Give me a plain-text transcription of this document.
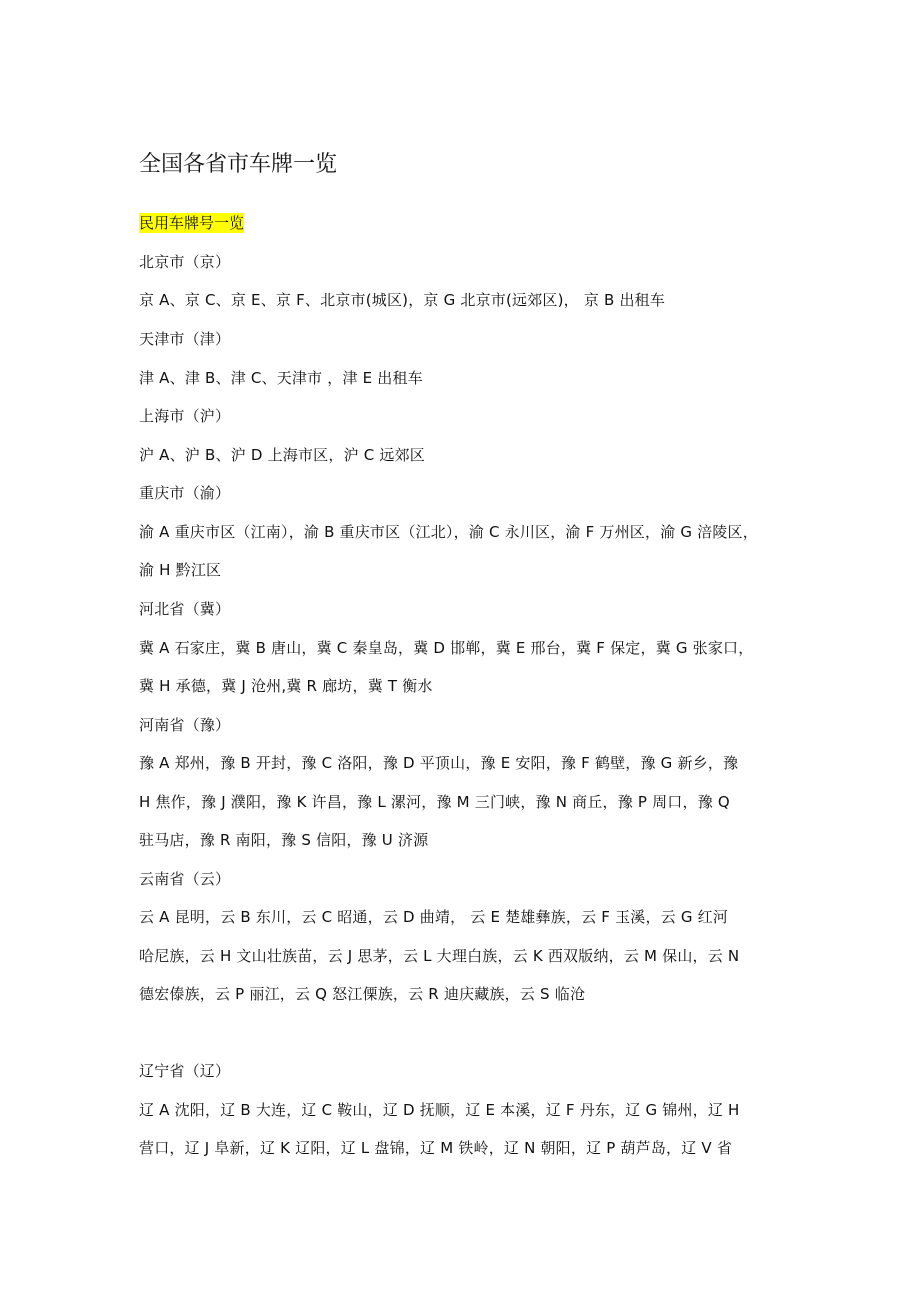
全国各省市车牌一览
民用车牌号一览
北京市（京）
京 A、京 C、京 E、京 F、北京市(城区)，京 G 北京市(远郊区)， 京 B 出租车
天津市（津）
津 A、津 B、津 C、天津市 ，津 E 出租车
上海市（沪）
沪 A、沪 B、沪 D 上海市区，沪 C 远郊区
重庆市（渝）
渝 A 重庆市区（江南），渝 B 重庆市区（江北），渝 C 永川区，渝 F 万州区，渝 G 涪陵区，
渝 H 黔江区
河北省（冀）
冀 A 石家庄，冀 B 唐山，冀 C 秦皇岛，冀 D 邯郸，冀 E 邢台，冀 F 保定，冀 G 张家口，
冀 H 承德，冀 J 沧州,冀 R 廊坊，冀 T 衡水
河南省（豫）
豫 A 郑州，豫 B 开封，豫 C 洛阳，豫 D 平顶山，豫 E 安阳，豫 F 鹤壁，豫 G 新乡，豫
H 焦作，豫 J 濮阳，豫 K 许昌，豫 L 漯河，豫 M 三门峡，豫 N 商丘，豫 P 周口，豫 Q
驻马店，豫 R 南阳，豫 S 信阳，豫 U 济源
云南省（云）
云 A 昆明，云 B 东川，云 C 昭通，云 D 曲靖， 云 E 楚雄彝族，云 F 玉溪，云 G 红河
哈尼族，云 H 文山壮族苗，云 J 思茅，云 L 大理白族，云 K 西双版纳，云 M 保山，云 N
德宏傣族，云 P 丽江，云 Q 怒江傈族，云 R 迪庆藏族，云 S 临沧
辽宁省（辽）
辽 A 沈阳，辽 B 大连，辽 C 鞍山，辽 D 抚顺，辽 E 本溪，辽 F 丹东，辽 G 锦州，辽 H
营口，辽 J 阜新，辽 K 辽阳，辽 L 盘锦，辽 M 铁岭，辽 N 朝阳，辽 P 葫芦岛，辽 V 省
